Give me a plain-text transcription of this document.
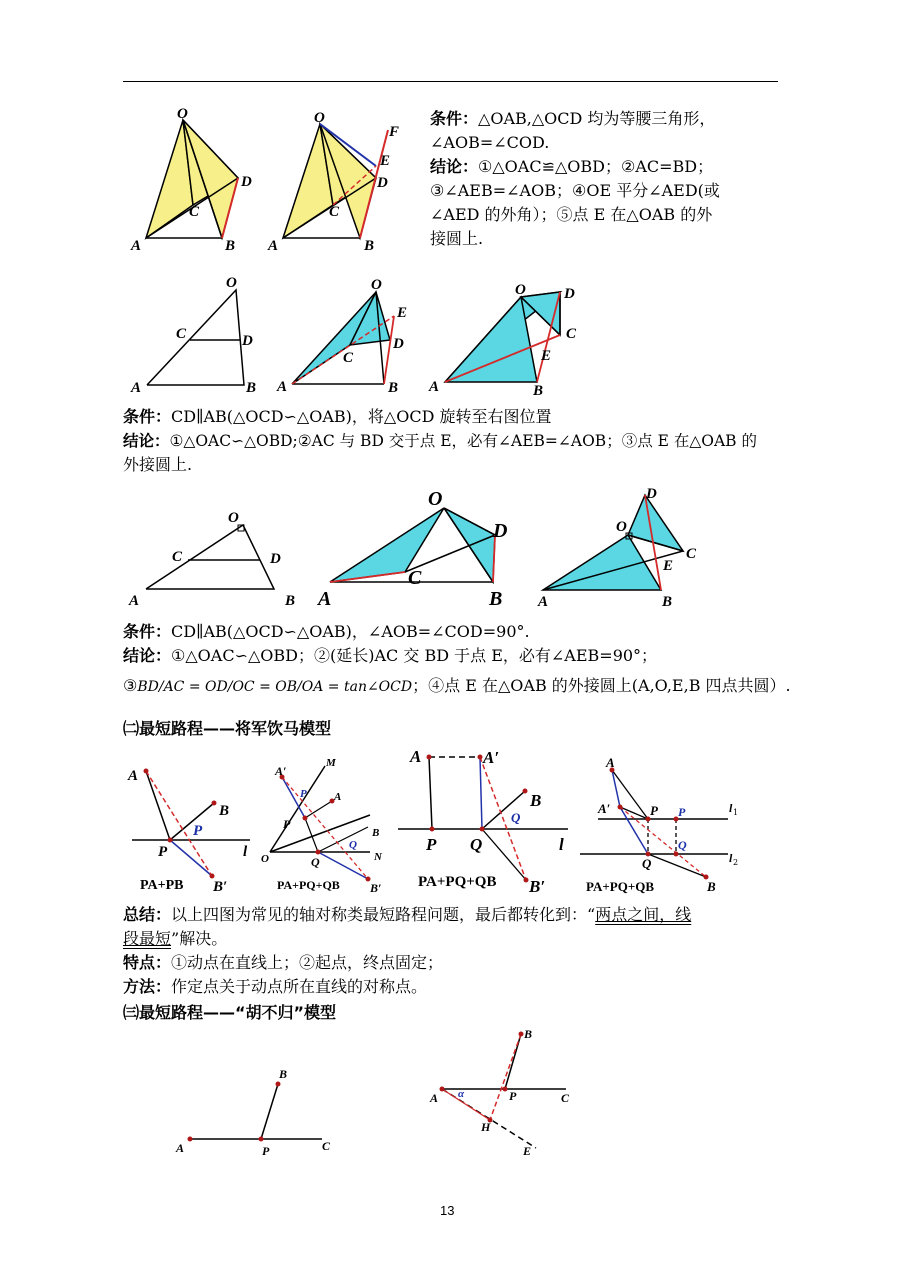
O
A	B
C
D
O
A	B
C
D
E
F
O
A	B
C	D
O
A	B
C
D
E
O
A	B
C
D
E
O
A	B
C	D
O
A	B
C
D	O
A	B
C
D
E
A
B
P
P
B′
l
PA+PB
A′
M
A
P
P
B
Q
O	Q	N
B′
PA+PQ+QB
A	A′
B
Q
P Q	l
B′
PA+PQ+QB
A
A′	P P	l 1
Q
Q	l 2
B
PA+PQ+QB
A
B
P	C
A α
B
P	C
H
E
条件：△OAB,△OCD 均为等腰三角形，
∠AOB=∠COD.
结论：①△OAC≌△OBD；②AC=BD；
③∠AEB=∠AOB；④OE 平分∠AED(或
∠AED 的外角）；⑤点 E 在△OAB 的外
接圆上.
条件：CD∥AB(△OCD∽△OAB)，将△OCD 旋转至右图位置
结论：①△OAC∽△OBD;②AC 与 BD 交于点 E，必有∠AEB=∠AOB；③点 E 在△OAB 的
外接圆上.
条件：CD∥AB(△OCD∽△OAB)，∠AOB=∠COD=90°.
结论：①△OAC∽△OBD；②(延长)AC 交 BD 于点 E，必有∠AEB=90°；
③BD/AC = OD/OC = OB/OA = tan∠OCD；④点 E 在△OAB 的外接圆上(A,O,E,B 四点共圆）.
㈡最短路程——将军饮马模型
总结：以上四图为常见的轴对称类最短路程问题，最后都转化到：“两点之间，线
段最短”解决。
特点：①动点在直线上；②起点，终点固定；
方法：作定点关于动点所在直线的对称点。
㈢最短路程——“胡不归”模型
13
